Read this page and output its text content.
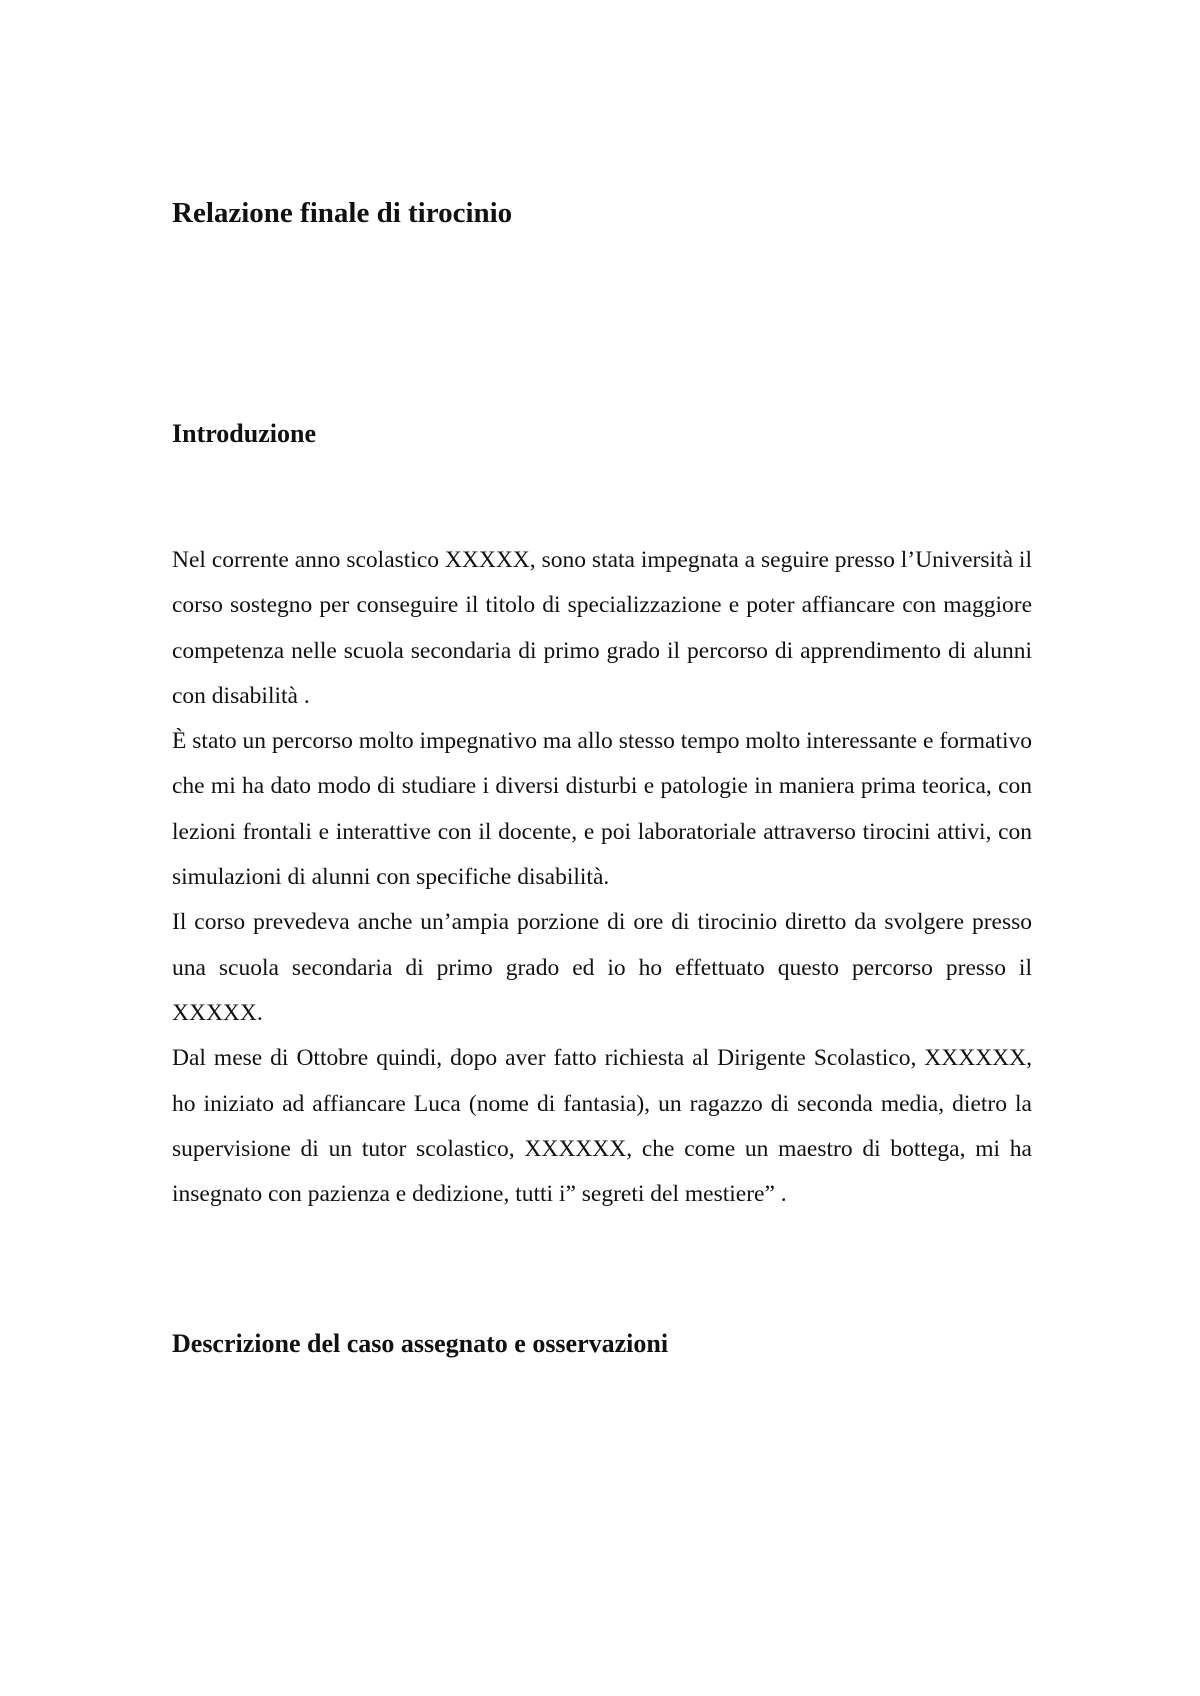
Relazione finale di tirocinio
Introduzione

Nel corrente anno scolastico XXXXX, sono stata impegnata a seguire presso l’Università il corso sostegno per conseguire il titolo di specializzazione e poter affiancare con maggiore competenza nelle scuola secondaria di primo grado il percorso di apprendimento di alunni con disabilità .

È stato un percorso molto impegnativo ma allo stesso tempo molto interessante e formativo che mi ha dato modo di studiare i diversi disturbi e patologie in maniera prima teorica, con lezioni frontali e interattive con il docente, e poi laboratoriale attraverso tirocini attivi, con simulazioni di alunni con specifiche disabilità.

Il corso prevedeva anche un’ampia porzione di ore di tirocinio diretto da svolgere presso una scuola secondaria di primo grado ed io ho effettuato questo percorso presso il XXXXX.

Dal mese di Ottobre quindi, dopo aver fatto richiesta al Dirigente Scolastico, XXXXXX, ho iniziato ad affiancare Luca (nome di fantasia), un ragazzo di seconda media, dietro la supervisione di un tutor scolastico, XXXXXX, che come un maestro di bottega, mi ha insegnato con pazienza e dedizione, tutti i” segreti del mestiere” .

Descrizione del caso assegnato e osservazioni
